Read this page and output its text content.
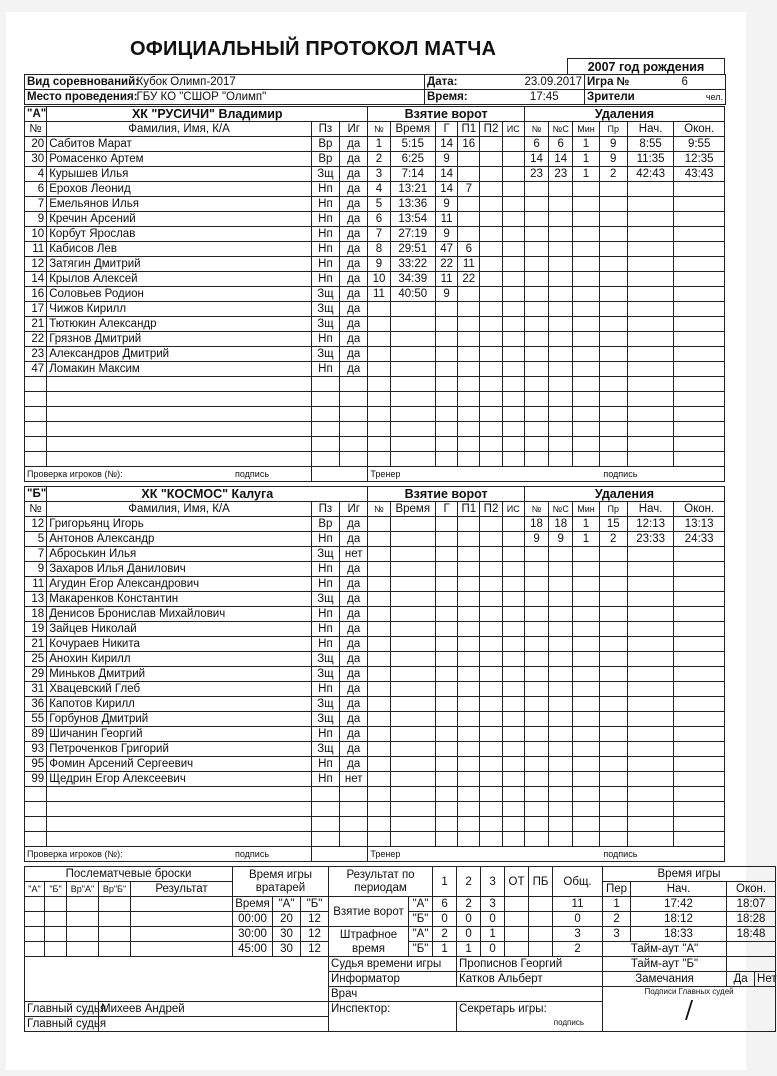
ОФИЦИАЛЬНЫЙ ПРОТОКОЛ МАТЧА
2007 год рождения
Вид соревнований:	Кубок Олимп-2017	Дата:	23.09.2017	Игра №	6
Место проведения:	ГБУ КО "СШОР "Олимп"	Время:	17:45	Зрители	чел.
"А"	ХК "РУСИЧИ" Владимир			Взятие ворот						Удаления					
№	Фамилия, Имя, К/А	Пз	Иг	№	Время	Г	П1	П2	ИС	№	№С	Мин	Пр	Нач.	Окон.
20	Сабитов Марат	Вр	да	1	5:15	14	16			6	6	1	9	8:55	9:55
30	Ромасенко Артем	Вр	да	2	6:25	9				14	14	1	9	11:35	12:35
4	Курышев Илья	Зщ	да	3	7:14	14				23	23	1	2	42:43	43:43
6	Ерохов Леонид	Нп	да	4	13:21	14	7								
7	Емельянов Илья	Нп	да	5	13:36	9									
9	Кречин Арсений	Нп	да	6	13:54	11									
10	Корбут Ярослав	Нп	да	7	27:19	9									
11	Кабисов Лев	Нп	да	8	29:51	47	6								
12	Затягин Дмитрий	Нп	да	9	33:22	22	11								
14	Крылов Алексей	Нп	да	10	34:39	11	22								
16	Соловьев Родион	Зщ	да	11	40:50	9									
17	Чижов Кирилл	Зщ	да												
21	Тютюкин Александр	Зщ	да												
22	Грязнов Дмитрий	Нп	да												
23	Александров Дмитрий	Зщ	да												
47	Ломакин Максим	Нп	да												

Проверка игроков (№): подпись				Тренер подпись											
"Б"	ХК "КОСМОС" Калуга			Взятие ворот						Удаления					
№	Фамилия, Имя, К/А	Пз	Иг	№	Время	Г	П1	П2	ИС	№	№С	Мин	Пр	Нач.	Окон.
12	Григорьянц Игорь	Вр	да							18	18	1	15	12:13	13:13
5	Антонов Александр	Нп	да							9	9	1	2	23:33	24:33
7	Аброськин Илья	Зщ	нет												
9	Захаров Илья Данилович	Нп	да												
11	Агудин Егор Александрович	Нп	да												
13	Макаренков Константин	Зщ	да												
18	Денисов Бронислав Михайлович	Нп	да												
19	Зайцев Николай	Нп	да												
21	Кочураев Никита	Нп	да												
25	Анохин Кирилл	Зщ	да												
29	Миньков Дмитрий	Зщ	да												
31	Хвацевский Глеб	Нп	да												
36	Капотов Кирилл	Зщ	да												
55	Горбунов Дмитрий	Зщ	да												
89	Шичанин Георгий	Нп	да												
93	Петроченков Григорий	Зщ	да												
95	Фомин Арсений Сергеевич	Нп	да												
99	Щедрин Егор Алексеевич	Нп	нет												

Проверка игроков (№): подпись				Тренер подпись											
Послематчевые броски					Время игры вратарей			Результат по периодам		1	2	3	ОТ	ПБ	Общ.	Время игры			
"А"	"Б"	Вр"А"	Вр"Б"	Результат												Пер	Нач.	Окон.	
					Время	"А"	"Б"	Взятие ворот	"А"	6	2	3			11	1	17:42	18:07	
					00:00	20	12		"Б"	0	0	0			0	2	18:12	18:28	
					30:00	30	12	Штрафное время	"А"	2	0	1			3	3	18:33	18:48	
					45:00	30	12		"Б"	1	1	0			2	Тайм-аут "А"			
								Судья времени игры			Прописнов Георгий					Тайм-аут "Б"			
								Информатор			Катков Альберт					Замечания		Да	Нет
								Врач								Подписи Главных судей
/			

Главный судья			Михеев Андрей					Инспектор:			Секретарь игры:
подпись								

Главный судья																			
